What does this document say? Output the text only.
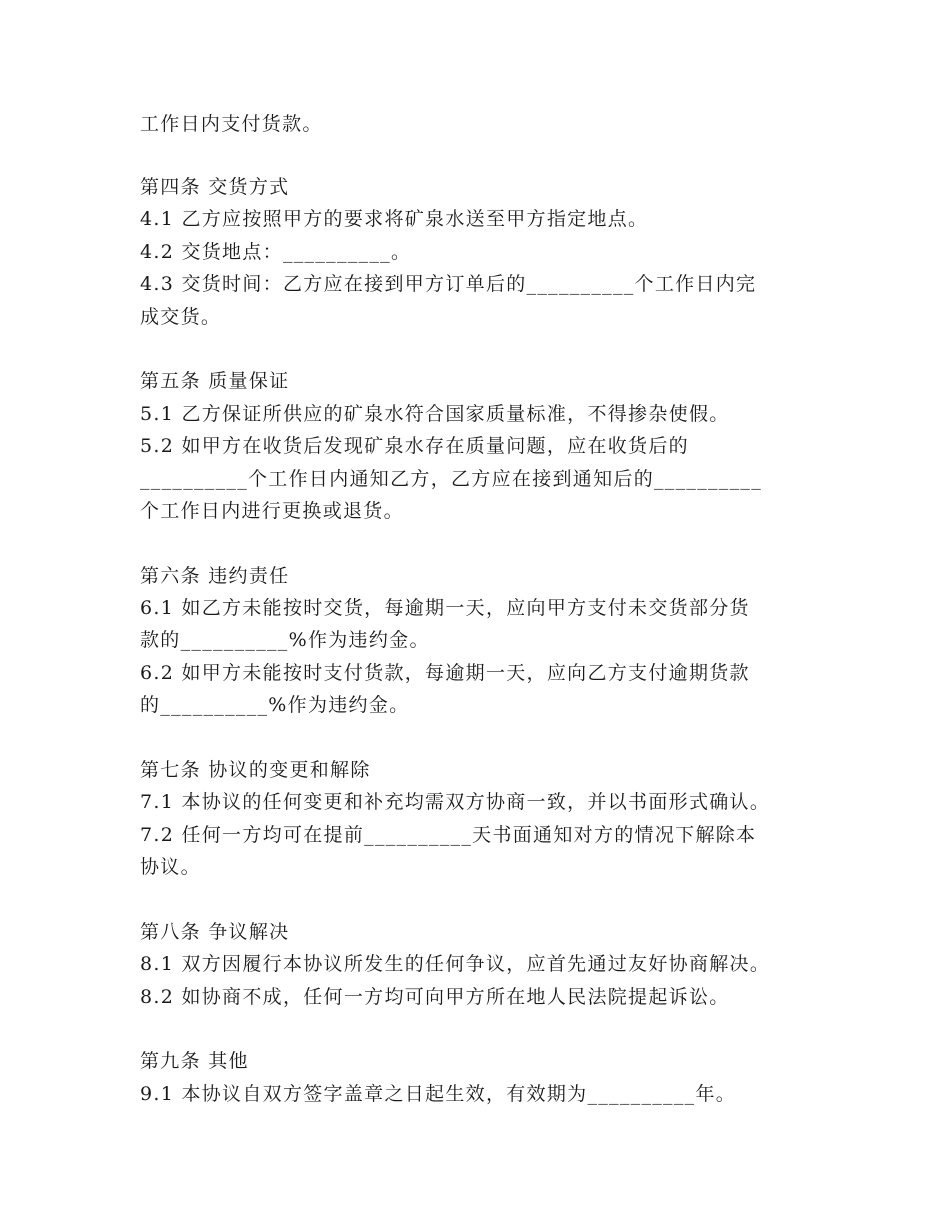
工作日内支付货款。
第四条 交货方式
4.1 乙方应按照甲方的要求将矿泉水送至甲方指定地点。
4.2 交货地点：__________。
4.3 交货时间：乙方应在接到甲方订单后的__________个工作日内完
成交货。
第五条 质量保证
5.1 乙方保证所供应的矿泉水符合国家质量标准，不得掺杂使假。
5.2 如甲方在收货后发现矿泉水存在质量问题，应在收货后的
__________个工作日内通知乙方，乙方应在接到通知后的__________
个工作日内进行更换或退货。
第六条 违约责任
6.1 如乙方未能按时交货，每逾期一天，应向甲方支付未交货部分货
款的__________%作为违约金。
6.2 如甲方未能按时支付货款，每逾期一天，应向乙方支付逾期货款
的__________%作为违约金。
第七条 协议的变更和解除
7.1 本协议的任何变更和补充均需双方协商一致，并以书面形式确认。
7.2 任何一方均可在提前__________天书面通知对方的情况下解除本
协议。
第八条 争议解决
8.1 双方因履行本协议所发生的任何争议，应首先通过友好协商解决。
8.2 如协商不成，任何一方均可向甲方所在地人民法院提起诉讼。
第九条 其他
9.1 本协议自双方签字盖章之日起生效，有效期为__________年。
